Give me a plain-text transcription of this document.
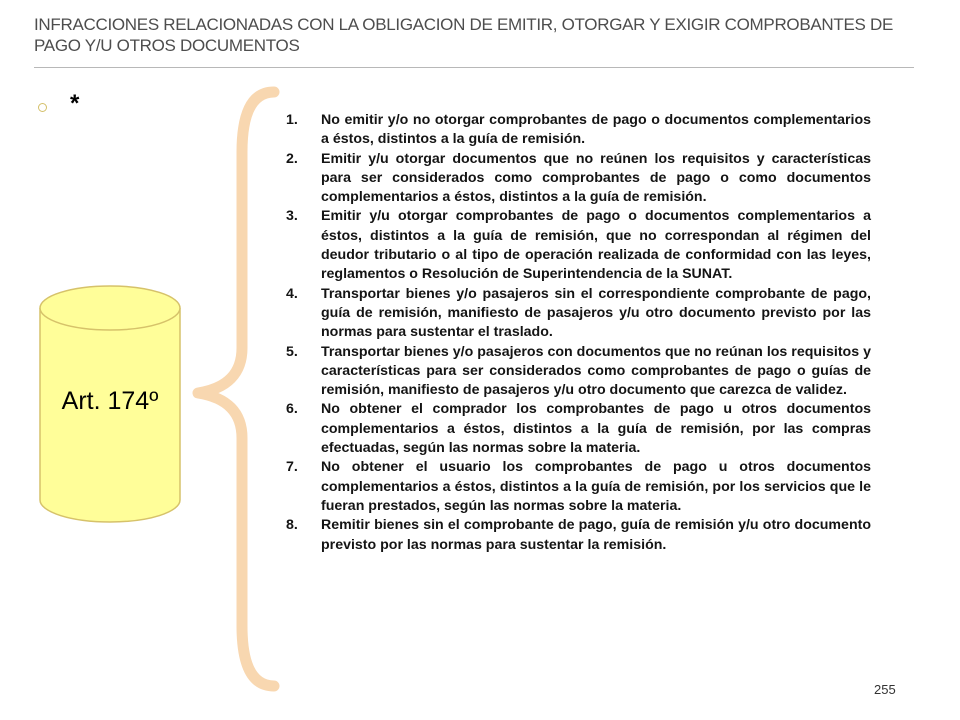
INFRACCIONES RELACIONADAS CON LA OBLIGACION DE EMITIR, OTORGAR Y EXIGIR COMPROBANTES DE PAGO Y/U OTROS DOCUMENTOS
*
Art. 174º
1. No emitir y/o no otorgar comprobantes de pago o documentos complementarios a éstos, distintos a la guía de remisión.
2. Emitir y/u otorgar documentos que no reúnen los requisitos y características para ser considerados como comprobantes de pago o como documentos complementarios a éstos, distintos a la guía de remisión.
3. Emitir y/u otorgar comprobantes de pago o documentos complementarios a éstos, distintos a la guía de remisión, que no correspondan al régimen del deudor tributario o al tipo de operación realizada de conformidad con las leyes, reglamentos o Resolución de Superintendencia de la SUNAT.
4. Transportar bienes y/o pasajeros sin el correspondiente comprobante de pago, guía de remisión, manifiesto de pasajeros y/u otro documento previsto por las normas para sustentar el traslado.
5. Transportar bienes y/o pasajeros con documentos que no reúnan los requisitos y características para ser considerados como comprobantes de pago o guías de remisión, manifiesto de pasajeros y/u otro documento que carezca de validez.
6. No obtener el comprador los comprobantes de pago u otros documentos complementarios a éstos, distintos a la guía de remisión, por las compras efectuadas, según las normas sobre la materia.
7. No obtener el usuario los comprobantes de pago u otros documentos complementarios a éstos, distintos a la guía de remisión, por los servicios que le fueran prestados, según las normas sobre la materia.
8. Remitir bienes sin el comprobante de pago, guía de remisión y/u otro documento previsto por las normas para sustentar la remisión.
255
